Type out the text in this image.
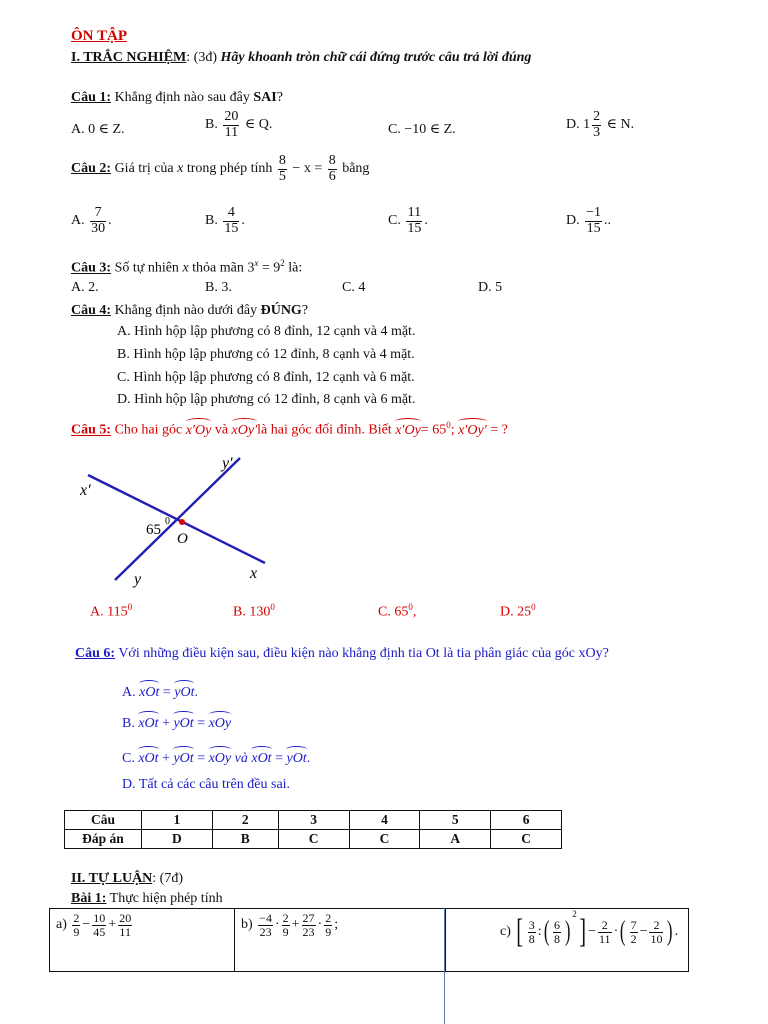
ÔN TẬP
I. TRẮC NGHIỆM: (3đ) Hãy khoanh tròn chữ cái đứng trước câu trả lời đúng
Câu 1: Khẳng định nào sau đây SAI?
A. 0 ∈ Z.	B. $\frac{20}{11}$ ∈ Q.	C. −10 ∈ Z.	D. $1 \frac{2}{3}$ ∈ N.
Câu 2: Giá trị của x trong phép tính $\frac{8}{5} - x = \frac{8}{6}$ bằng
A. $\frac{7}{30}$ .	B. $\frac{4}{15}$ .	C. $\frac{11}{15}$ .	D. $\frac{-1}{15}$ ..
Câu 3: Số tự nhiên x thỏa mãn $3^x = 9^2$ là:
A. 2.	B. 3.	C. 4	D. 5
Câu 4: Khẳng định nào dưới đây ĐÚNG?
A. Hình hộp lập phương có 8 đỉnh, 12 cạnh và 4 mặt.
B. Hình hộp lập phương có 12 đỉnh, 8 cạnh và 4 mặt.
C. Hình hộp lập phương có 8 đỉnh, 12 cạnh và 6 mặt.
D. Hình hộp lập phương có 12 đỉnh, 8 cạnh và 6 mặt.
Câu 5: Cho hai góc x′Oy và xOy′là hai góc đối đỉnh. Biết $x'Oy= 65^0$; x′Oy′ = ?
y′
x′
65
0
O
y	x
A. $115^0$	B. $130^0$	C. $65^0$,	D. $25^0$
Câu 6: Với những điều kiện sau, điều kiện nào khẳng định tia Ot là tia phân giác của góc xOy?
A. xOt = yOt.
B. xOt + yOt = xOy
C. xOt + yOt = xOy và xOt = yOt.
D. Tất cả các câu trên đều sai.
Câu	1	2	3	4	5	6
Đáp án	D	B	C	C	A	C
II. TỰ LUẬN: (7đ)
Bài 1: Thực hiện phép tính
$a) \frac{2}{9} - \frac{10}{45} + \frac{20}{11}$	$b) \frac{-4}{23} \cdot \frac{2}{9} + \frac{27}{23} \cdot \frac{2}{9}$ ;	c) [ $\frac{3}{8}$ :( $\frac{6}{8} )^2] - \frac{2}{11}$ ·( $\frac{7}{2} - \frac{2}{10}$ ) .
